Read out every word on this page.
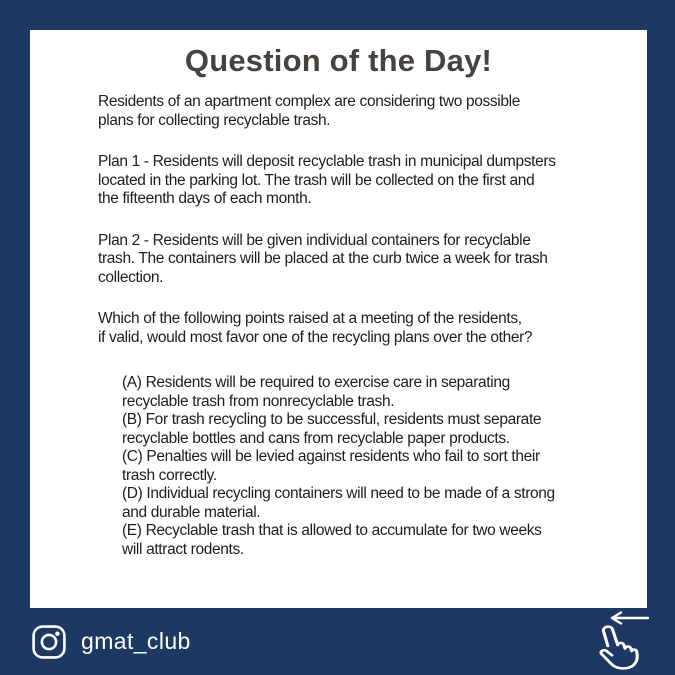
Question of the Day!
Residents of an apartment complex are considering two possible
plans for collecting recyclable trash.
Plan 1 - Residents will deposit recyclable trash in municipal dumpsters
located in the parking lot. The trash will be collected on the first and
the fifteenth days of each month.
Plan 2 - Residents will be given individual containers for recyclable
trash. The containers will be placed at the curb twice a week for trash
collection.
Which of the following points raised at a meeting of the residents,
if valid, would most favor one of the recycling plans over the other?
(A) Residents will be required to exercise care in separating
recyclable trash from nonrecyclable trash.
(B) For trash recycling to be successful, residents must separate
recyclable bottles and cans from recyclable paper products.
(C) Penalties will be levied against residents who fail to sort their
trash correctly.
(D) Individual recycling containers will need to be made of a strong
and durable material.
(E) Recyclable trash that is allowed to accumulate for two weeks
will attract rodents.
gmat_club
